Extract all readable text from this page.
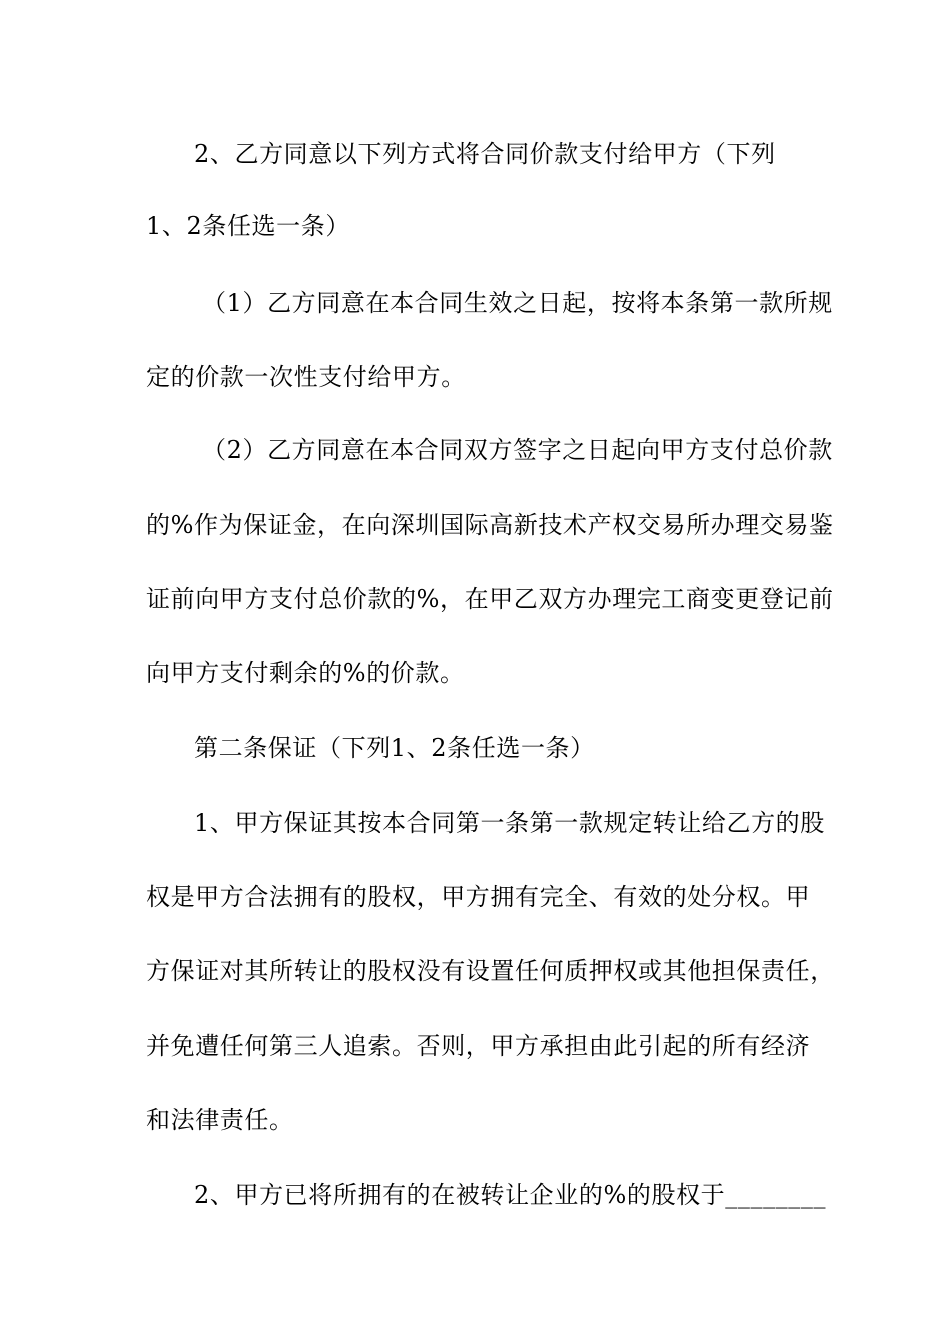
2、乙方同意以下列方式将合同价款支付给甲方（下列
1、2条任选一条）
（1）乙方同意在本合同生效之日起，按将本条第一款所规
定的价款一次性支付给甲方。
（2）乙方同意在本合同双方签字之日起向甲方支付总价款
的%作为保证金，在向深圳国际高新技术产权交易所办理交易鉴
证前向甲方支付总价款的%，在甲乙双方办理完工商变更登记前
向甲方支付剩余的%的价款。
第二条保证（下列1、2条任选一条）
1、甲方保证其按本合同第一条第一款规定转让给乙方的股
权是甲方合法拥有的股权，甲方拥有完全、有效的处分权。甲
方保证对其所转让的股权没有设置任何质押权或其他担保责任，
并免遭任何第三人追索。否则，甲方承担由此引起的所有经济
和法律责任。
2、甲方已将所拥有的在被转让企业的%的股权于________
